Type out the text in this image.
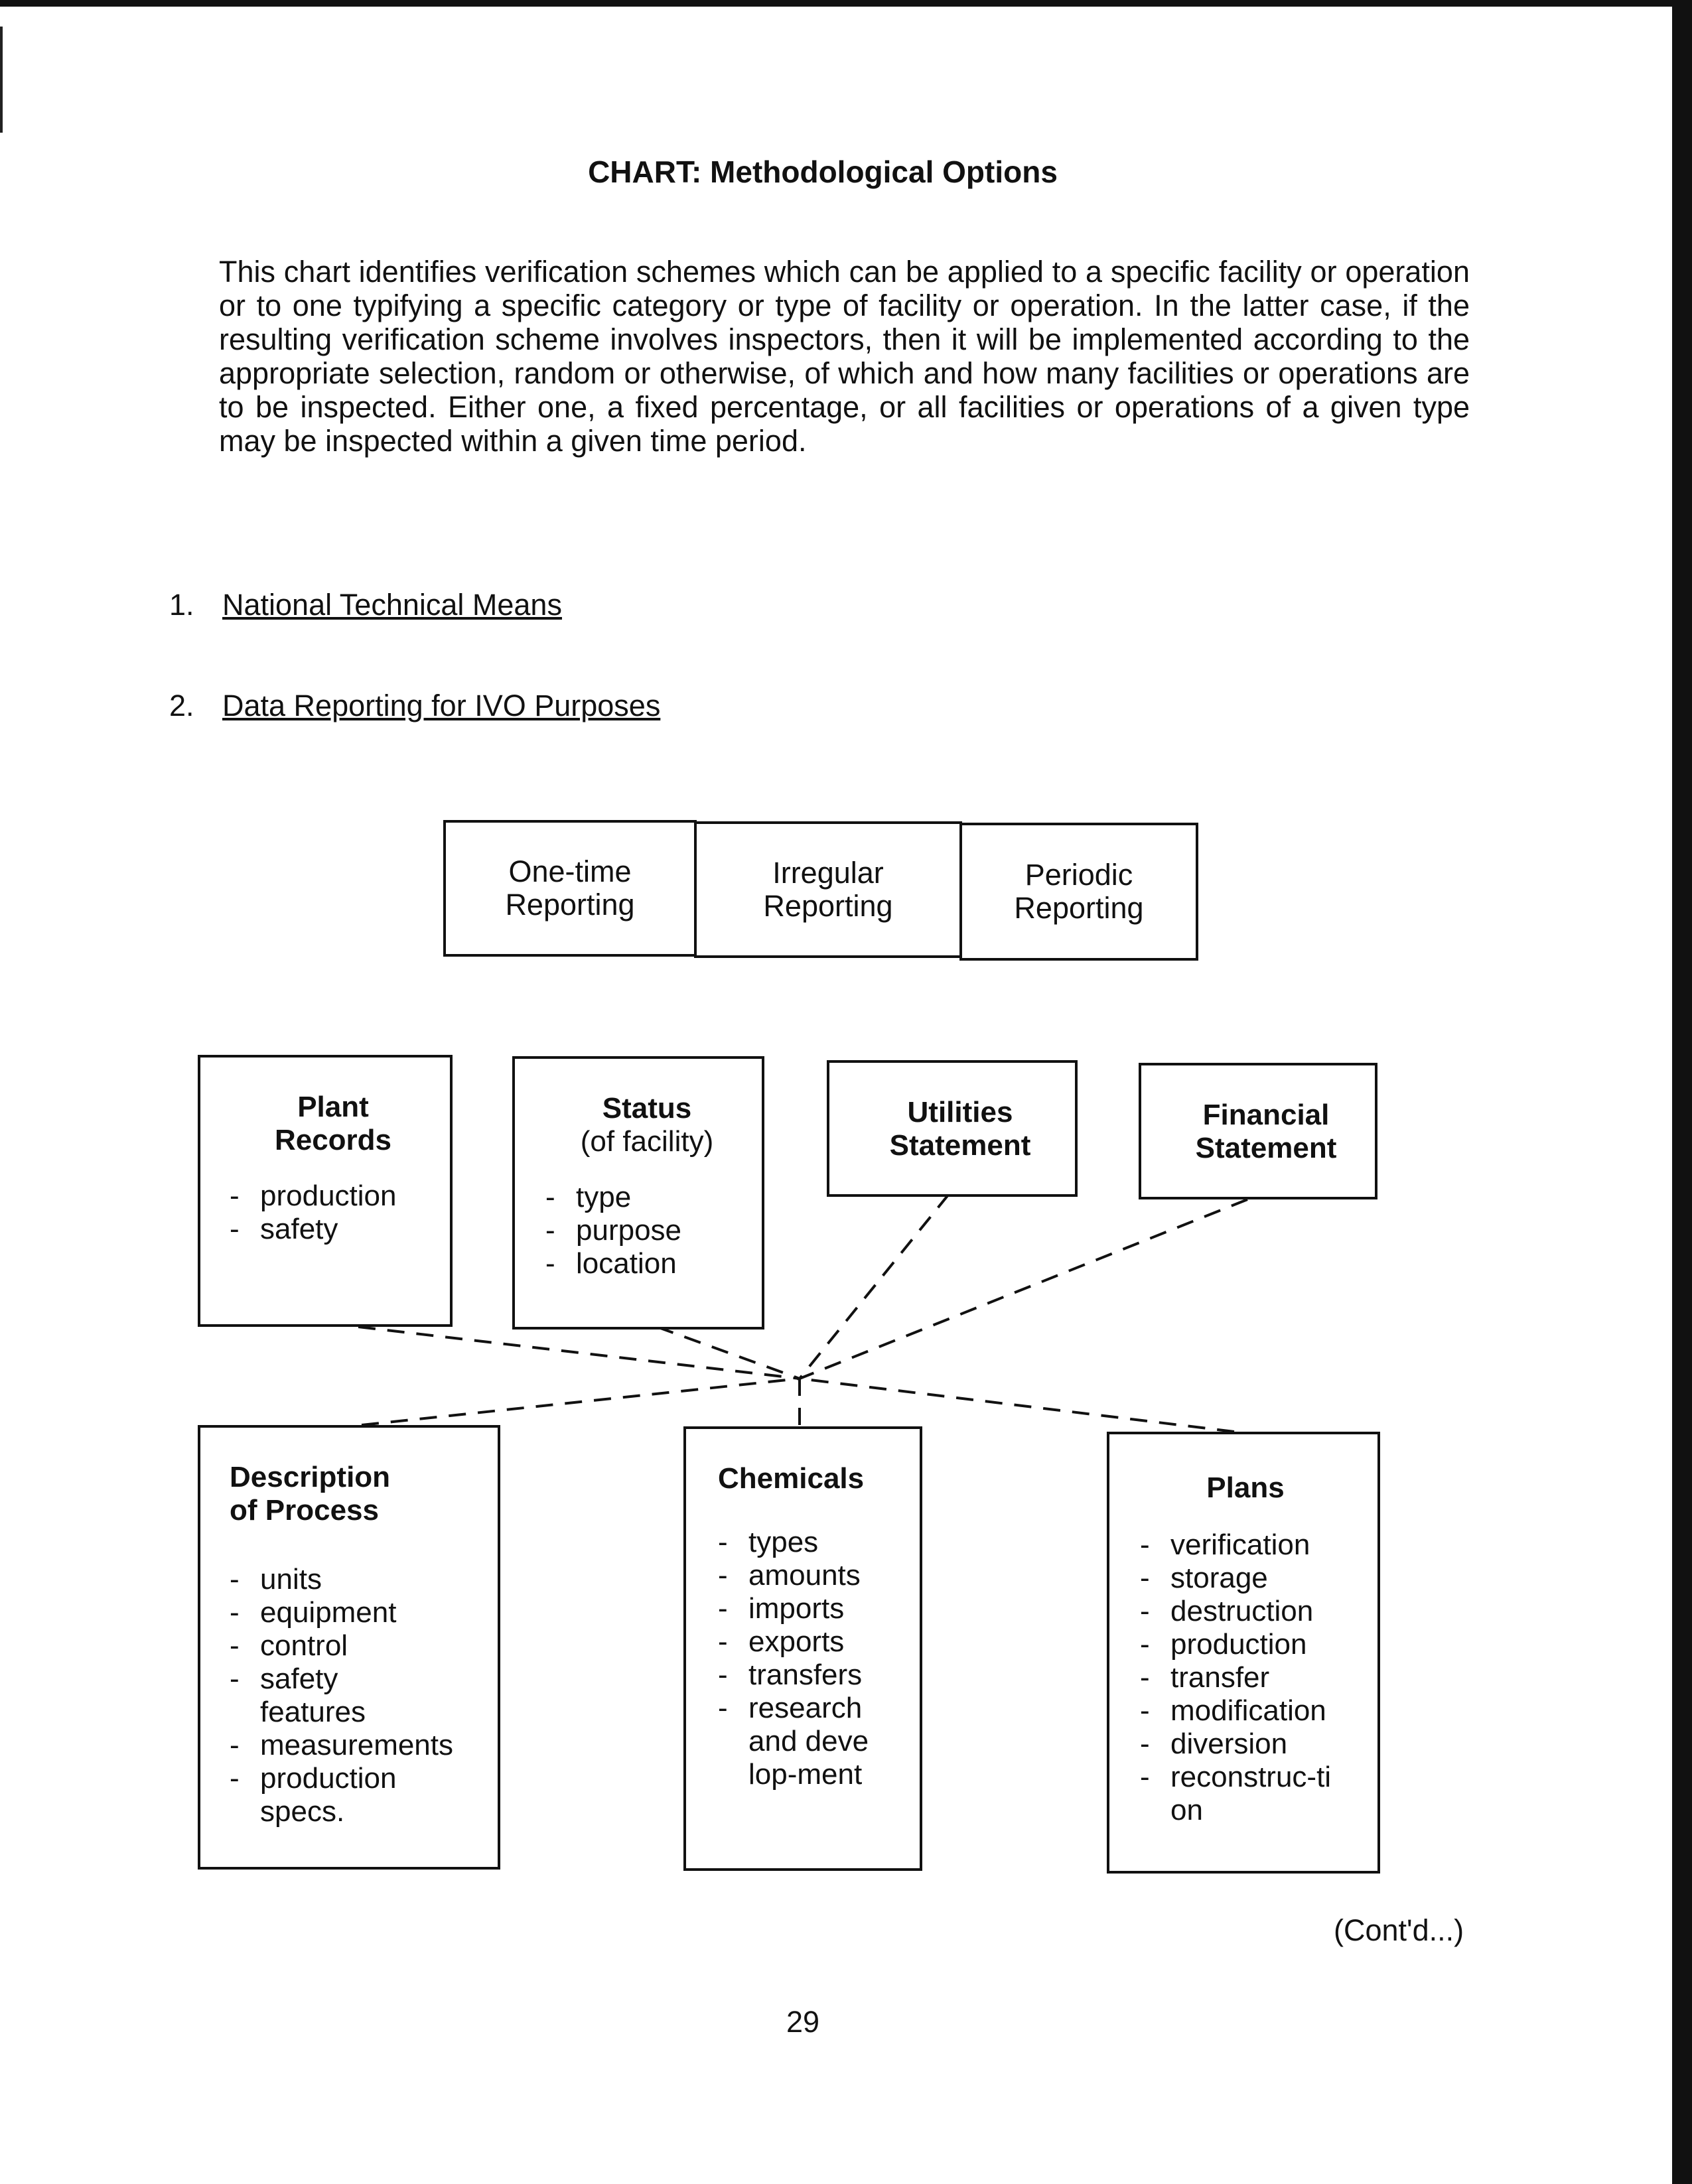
CHART: Methodological Options

This chart identifies verification schemes which can be applied to a specific facility or operation or to one typifying a specific category or type of facility or operation. In the latter case, if the resulting verification scheme involves inspectors, then it will be implemented according to the appropriate selection, random or otherwise, of which and how many facilities or operations are to be inspected. Either one, a fixed percentage, or all facilities or operations of a given type may be inspected within a given time period.

1. National Technical Means
2. Data Reporting for IVO Purposes
One-time
Reporting
Irregular
Reporting
Periodic
Reporting
Plant
Records
- production
- safety
Status
(of facility)
- type
- purpose
- location
Utilities
Statement
Financial
Statement
Description
of Process
- units
- equipment
- control
- safety features
- measurements
- production specs.
Chemicals
- types
- amounts
- imports
- exports
- transfers
- research and develop-ment
Plans
- verification
- storage
- destruction
- production
- transfer
- modification
- diversion
- reconstruc-tion
(Cont'd...)
29
